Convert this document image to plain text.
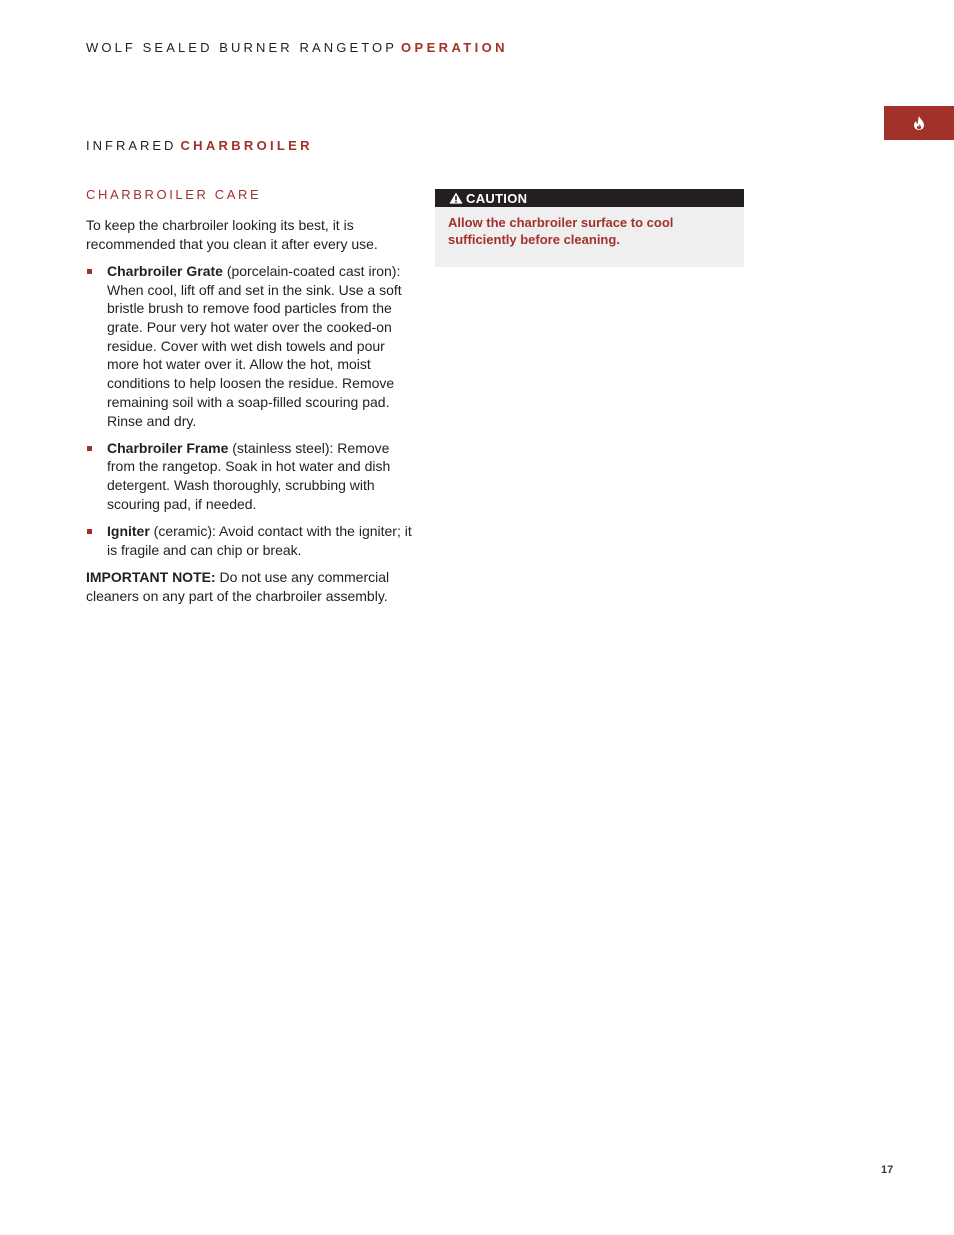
WOLF SEALED BURNER RANGETOP OPERATION
INFRARED CHARBROILER
CHARBROILER CARE

To keep the charbroiler looking its best, it is recommended that you clean it after every use.

Charbroiler Grate (porcelain-coated cast iron): When cool, lift off and set in the sink. Use a soft bristle brush to remove food particles from the grate. Pour very hot water over the cooked-on residue. Cover with wet dish towels and pour more hot water over it. Allow the hot, moist conditions to help loosen the residue. Remove remaining soil with a soap-filled scouring pad. Rinse and dry.
Charbroiler Frame (stainless steel): Remove from the rangetop. Soak in hot water and dish detergent. Wash thoroughly, scrubbing with scouring pad, if needed.
Igniter (ceramic): Avoid contact with the igniter; it is fragile and can chip or break.

IMPORTANT NOTE: Do not use any commercial cleaners on any part of the charbroiler assembly.

CAUTION
Allow the charbroiler surface to cool sufficiently before cleaning.
17
